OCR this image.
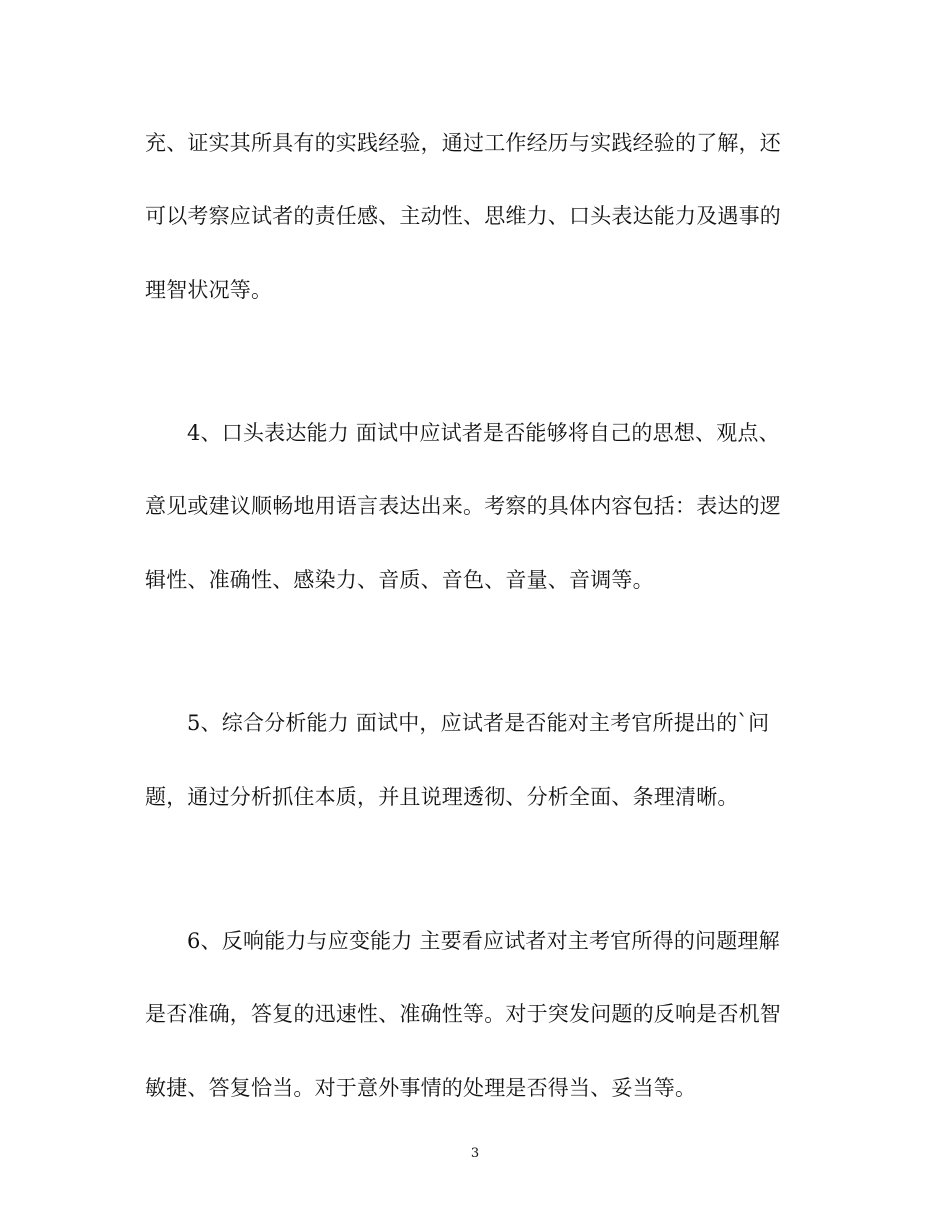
充、证实其所具有的实践经验，通过工作经历与实践经验的了解，还
可以考察应试者的责任感、主动性、思维力、口头表达能力及遇事的
理智状况等。
4、口头表达能力 面试中应试者是否能够将自己的思想、观点、
意见或建议顺畅地用语言表达出来。考察的具体内容包括：表达的逻
辑性、准确性、感染力、音质、音色、音量、音调等。
5、综合分析能力 面试中，应试者是否能对主考官所提出的`问
题，通过分析抓住本质，并且说理透彻、分析全面、条理清晰。
6、反响能力与应变能力 主要看应试者对主考官所得的问题理解
是否准确，答复的迅速性、准确性等。对于突发问题的反响是否机智
敏捷、答复恰当。对于意外事情的处理是否得当、妥当等。
3
